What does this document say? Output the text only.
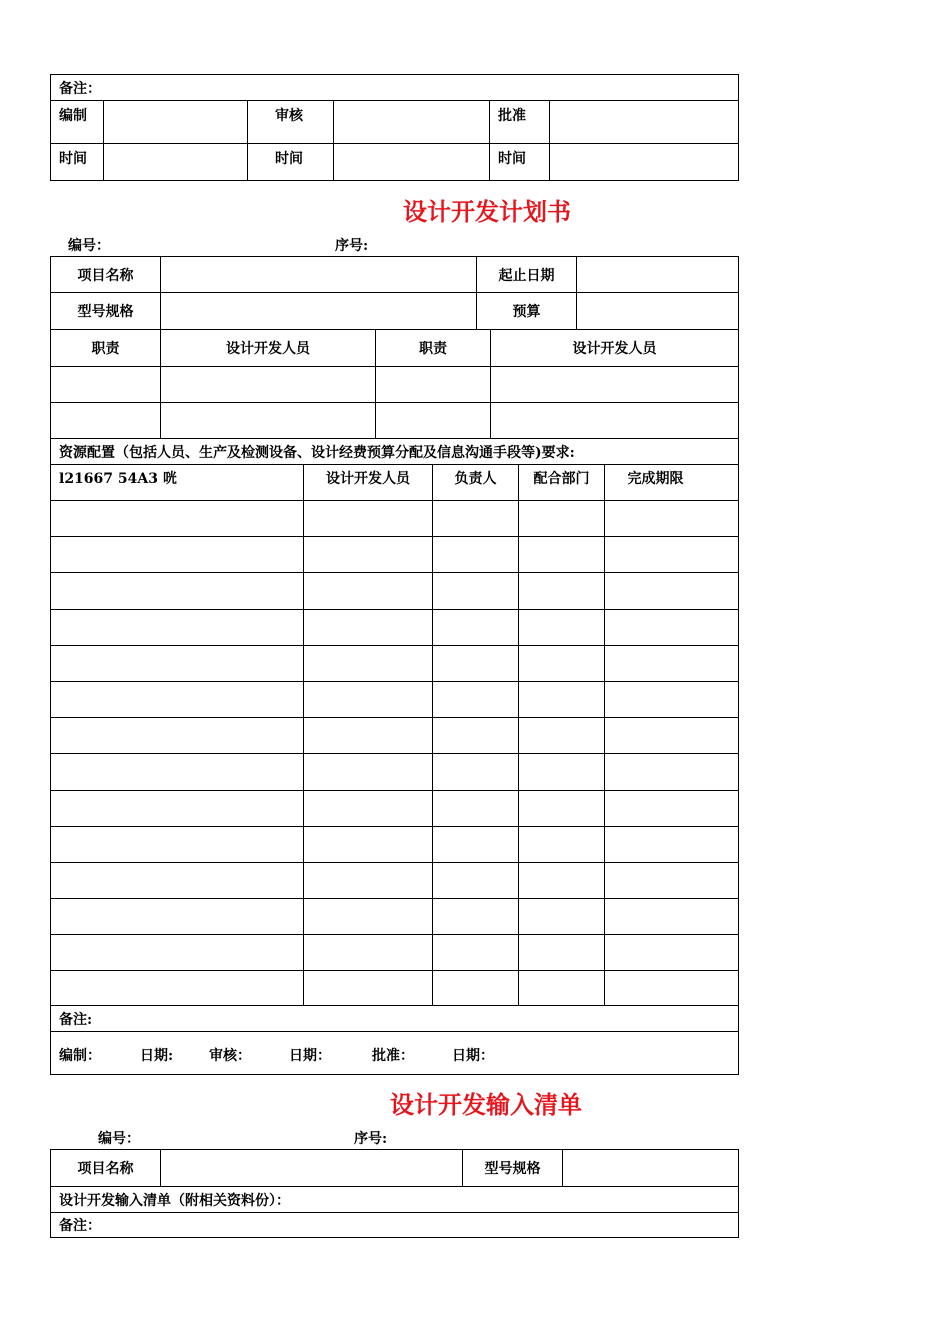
备注：					
编制		审核		批准	
时间		时间		时间	
设计开发计划书
编号：	序号:
项目名称		起止日期	
型号规格		预算	
职责	设计开发人员	职责	设计开发人员

资源配置（包括人员、生产及检测设备、设计经费预算分配及信息沟通手段等)要求:			
l21667 54A3 咣	设计开发人员	负责人	配合部门	完成期限

备注:

编制：	日期:	审核：	日期：	批准：	日期：
设计开发输入清单
编号：	序号:
项目名称		型号规格	
设计开发输入清单（附相关资料份）：
备注：
